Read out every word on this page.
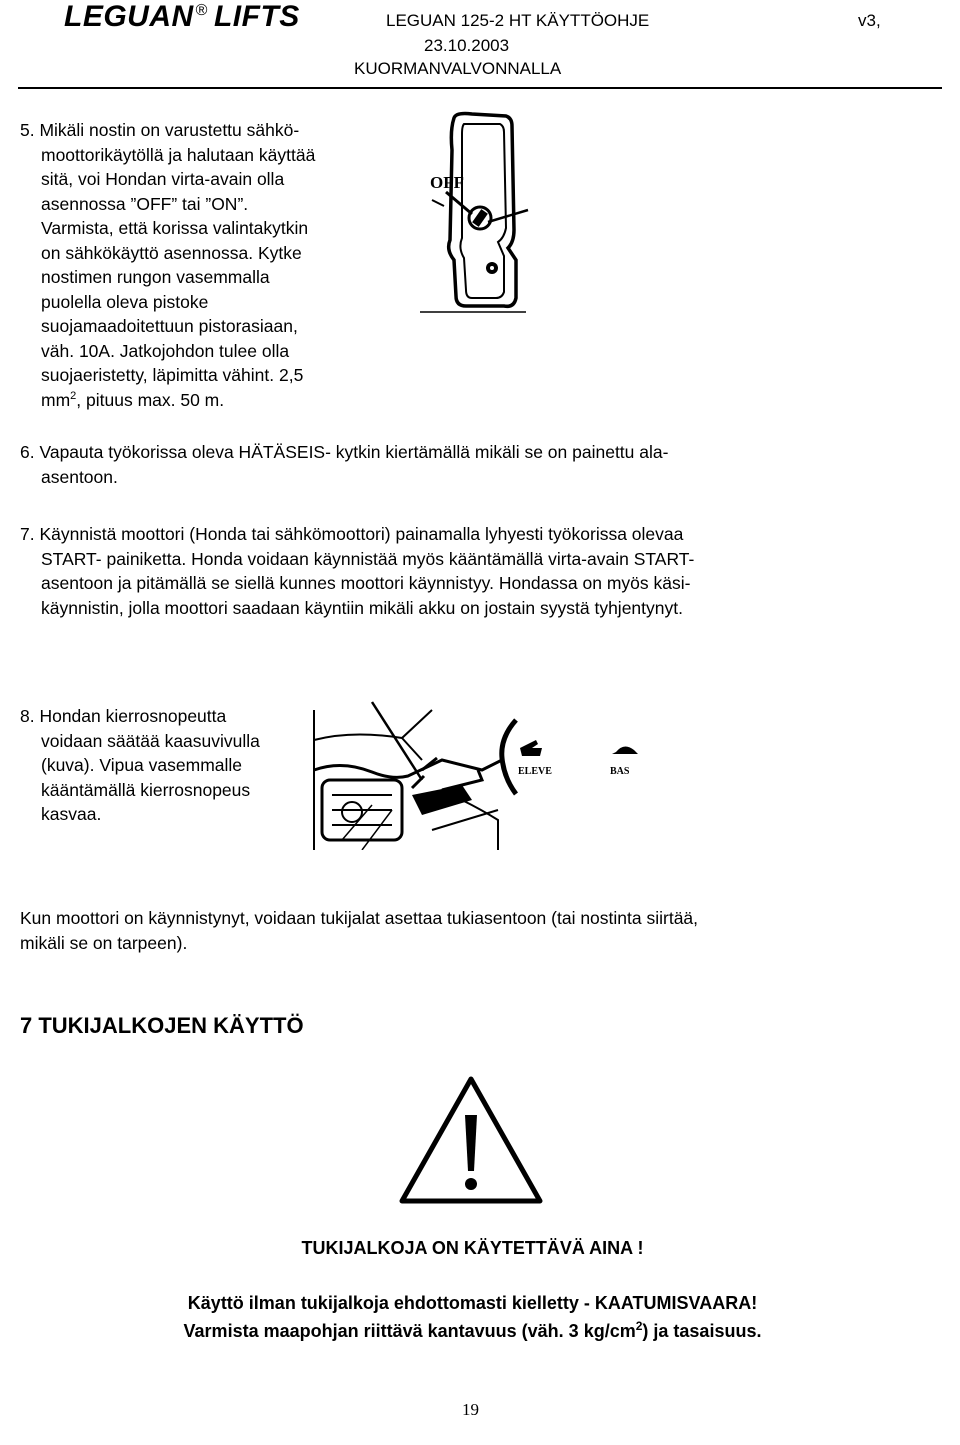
LEGUAN ® LIFTS	LEGUAN 125-2 HT KÄYTTÖOHJE	v3,
23.10.2003
KUORMANVALVONNALLA
5. Mikäli nostin on varustettu sähkö-
moottorikäytöllä ja halutaan käyttää
sitä, voi Hondan virta-avain olla
asennossa ”OFF” tai ”ON”.
Varmista, että korissa valintakytkin
on sähkökäyttö asennossa. Kytke
nostimen rungon vasemmalla
puolella oleva pistoke
suojamaadoitettuun pistorasiaan,
väh. 10A. Jatkojohdon tulee olla
suojaeristetty, läpimitta vähint. 2,5
$mm^2$, pituus max. 50 m.
OFF
6. Vapauta työkorissa oleva HÄTÄSEIS- kytkin kiertämällä mikäli se on painettu ala-
asentoon.
7. Käynnistä moottori (Honda tai sähkömoottori) painamalla lyhyesti työkorissa olevaa
START- painiketta. Honda voidaan käynnistää myös kääntämällä virta-avain START-
asentoon ja pitämällä se siellä kunnes moottori käynnistyy. Hondassa on myös käsi-
käynnistin, jolla moottori saadaan käyntiin mikäli akku on jostain syystä tyhjentynyt.
8. Hondan kierrosnopeutta
voidaan säätää kaasuvivulla
(kuva). Vipua vasemmalle
kääntämällä kierrosnopeus
kasvaa.
ELEVE	BAS
Kun moottori on käynnistynyt, voidaan tukijalat asettaa tukiasentoon (tai nostinta siirtää,
mikäli se on tarpeen).
7 TUKIJALKOJEN KÄYTTÖ
TUKIJALKOJA ON KÄYTETTÄVÄ AINA !
Käyttö ilman tukijalkoja ehdottomasti kielletty - KAATUMISVAARA!
Varmista maapohjan riittävä kantavuus (väh. 3 $kg/cm^2$) ja tasaisuus.
19
